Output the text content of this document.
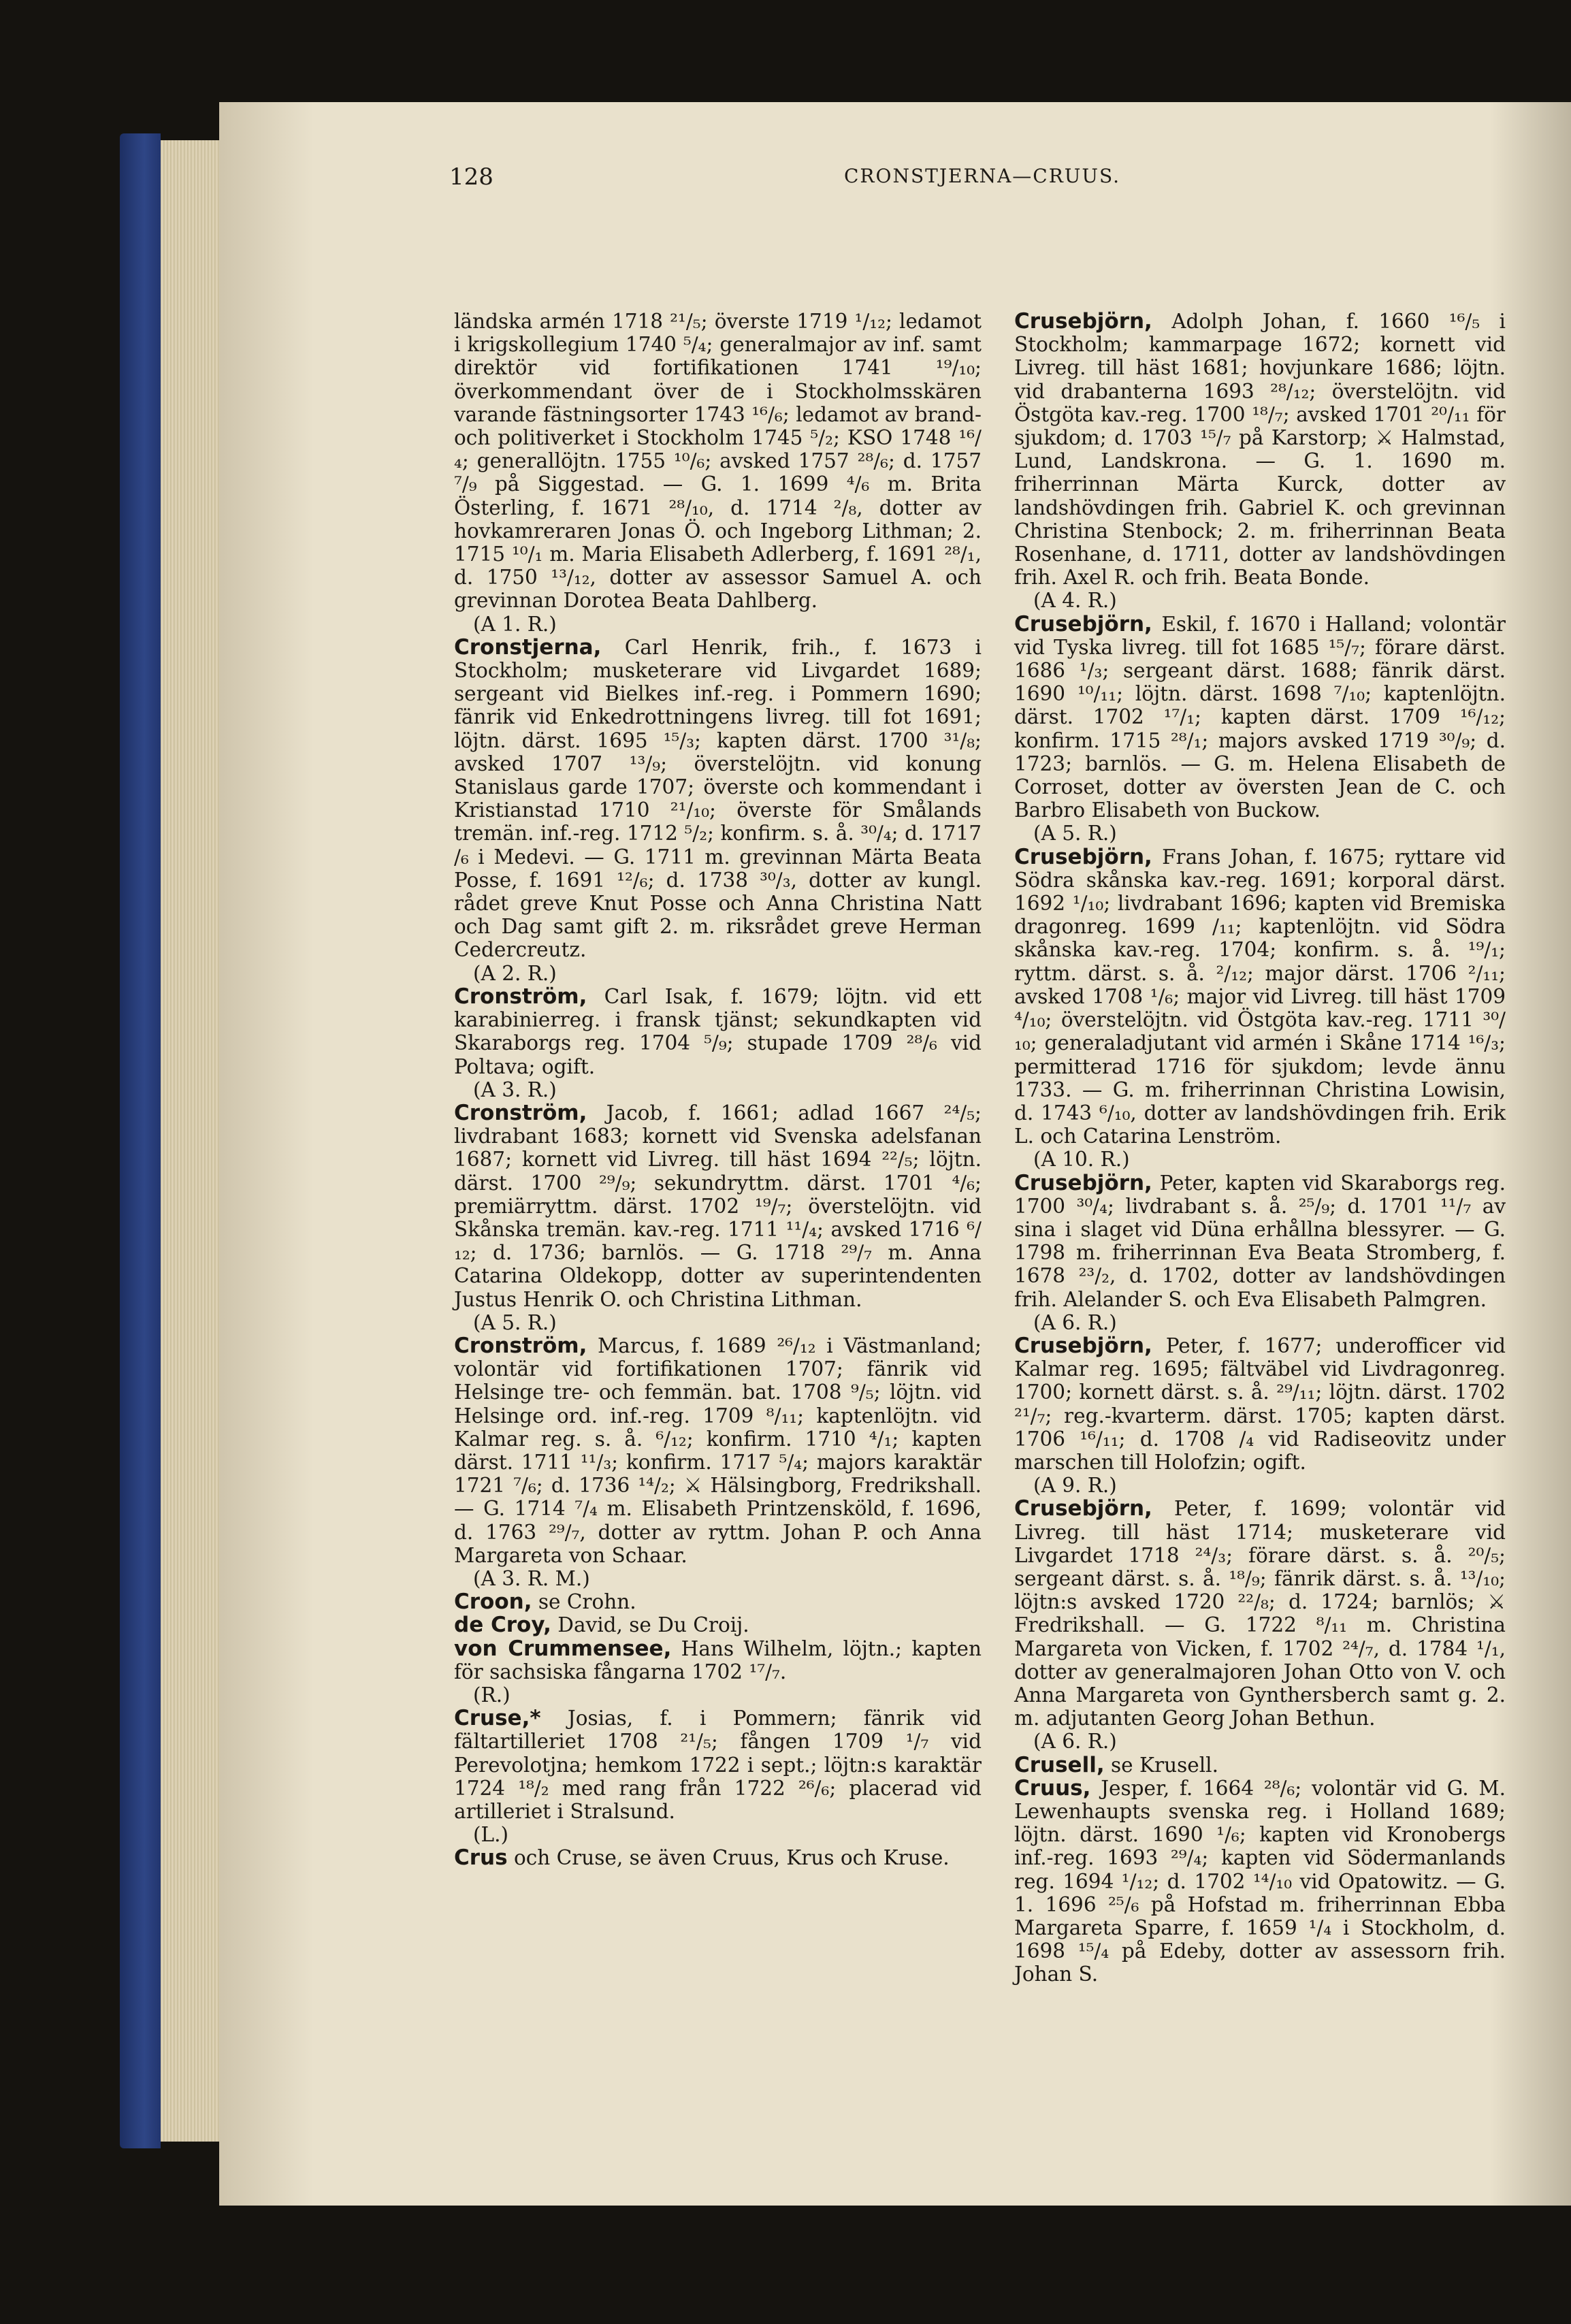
128	CRONSTJERNA—CRUUS.

ländska armén 1718 ²¹/₅; överste 1719 ¹/₁₂; ledamot i krigskollegium 1740 ⁵/₄; generalmajor av inf. samt direktör vid fortifikationen 1741 ¹⁹/₁₀; överkommendant över de i Stockholmsskären varande fästningsorter 1743 ¹⁶/₆; ledamot av brand- och politiverket i Stockholm 1745 ⁵/₂; KSO 1748 ¹⁶/₄; generallöjtn. 1755 ¹⁰/₆; avsked 1757 ²⁸/₆; d. 1757 ⁷/₉ på Siggestad. — G. 1. 1699 ⁴/₆ m. Brita Österling, f. 1671 ²⁸/₁₀, d. 1714 ²/₈, dotter av hovkamreraren Jonas Ö. och Ingeborg Lithman; 2. 1715 ¹⁰/₁ m. Maria Elisabeth Adlerberg, f. 1691 ²⁸/₁, d. 1750 ¹³/₁₂, dotter av assessor Samuel A. och grevinnan Dorotea Beata Dahlberg.

(A 1. R.)

Cronstjerna, Carl Henrik, frih., f. 1673 i Stockholm; musketerare vid Livgardet 1689; sergeant vid Bielkes inf.-reg. i Pommern 1690; fänrik vid Enkedrottningens livreg. till fot 1691; löjtn. därst. 1695 ¹⁵/₃; kapten därst. 1700 ³¹/₈; avsked 1707 ¹³/₉; överstelöjtn. vid konung Stanislaus garde 1707; överste och kommendant i Kristianstad 1710 ²¹/₁₀; överste för Smålands tremän. inf.-reg. 1712 ⁵/₂; konfirm. s. å. ³⁰/₄; d. 1717 /₆ i Medevi. — G. 1711 m. grevinnan Märta Beata Posse, f. 1691 ¹²/₆; d. 1738 ³⁰/₃, dotter av kungl. rådet greve Knut Posse och Anna Christina Natt och Dag samt gift 2. m. riksrådet greve Herman Cedercreutz.

(A 2. R.)

Cronström, Carl Isak, f. 1679; löjtn. vid ett karabinierreg. i fransk tjänst; sekundkapten vid Skaraborgs reg. 1704 ⁵/₉; stupade 1709 ²⁸/₆ vid Poltava; ogift.

(A 3. R.)

Cronström, Jacob, f. 1661; adlad 1667 ²⁴/₅; livdrabant 1683; kornett vid Svenska adelsfanan 1687; kornett vid Livreg. till häst 1694 ²²/₅; löjtn. därst. 1700 ²⁹/₉; sekundryttm. därst. 1701 ⁴/₆; premiärryttm. därst. 1702 ¹⁹/₇; överstelöjtn. vid Skånska tremän. kav.-reg. 1711 ¹¹/₄; avsked 1716 ⁶/₁₂; d. 1736; barnlös. — G. 1718 ²⁹/₇ m. Anna Catarina Oldekopp, dotter av superintendenten Justus Henrik O. och Christina Lithman.

(A 5. R.)

Cronström, Marcus, f. 1689 ²⁶/₁₂ i Västmanland; volontär vid fortifikationen 1707; fänrik vid Helsinge tre- och femmän. bat. 1708 ⁹/₅; löjtn. vid Helsinge ord. inf.-reg. 1709 ⁸/₁₁; kaptenlöjtn. vid Kalmar reg. s. å. ⁶/₁₂; konfirm. 1710 ⁴/₁; kapten därst. 1711 ¹¹/₃; konfirm. 1717 ⁵/₄; majors karaktär 1721 ⁷/₆; d. 1736 ¹⁴/₂; ⚔ Hälsingborg, Fredrikshall. — G. 1714 ⁷/₄ m. Elisabeth Printzensköld, f. 1696, d. 1763 ²⁹/₇, dotter av ryttm. Johan P. och Anna Margareta von Schaar.

(A 3. R. M.)

Croon, se Crohn.

de Croy, David, se Du Croij.

von Crummensee, Hans Wilhelm, löjtn.; kapten för sachsiska fångarna 1702 ¹⁷/₇.

(R.)

Cruse,* Josias, f. i Pommern; fänrik vid fältartilleriet 1708 ²¹/₅; fången 1709 ¹/₇ vid Perevolotjna; hemkom 1722 i sept.; löjtn:s karaktär 1724 ¹⁸/₂ med rang från 1722 ²⁶/₆; placerad vid artilleriet i Stralsund.

(L.)

Crus och Cruse, se även Cruus, Krus och Kruse.

Crusebjörn, Adolph Johan, f. 1660 ¹⁶/₅ i Stockholm; kammarpage 1672; kornett vid Livreg. till häst 1681; hovjunkare 1686; löjtn. vid drabanterna 1693 ²⁸/₁₂; överstelöjtn. vid Östgöta kav.-reg. 1700 ¹⁸/₇; avsked 1701 ²⁰/₁₁ för sjukdom; d. 1703 ¹⁵/₇ på Karstorp; ⚔ Halmstad, Lund, Landskrona. — G. 1. 1690 m. friherrinnan Märta Kurck, dotter av landshövdingen frih. Gabriel K. och grevinnan Christina Stenbock; 2. m. friherrinnan Beata Rosenhane, d. 1711, dotter av landshövdingen frih. Axel R. och frih. Beata Bonde.

(A 4. R.)

Crusebjörn, Eskil, f. 1670 i Halland; volontär vid Tyska livreg. till fot 1685 ¹⁵/₇; förare därst. 1686 ¹/₃; sergeant därst. 1688; fänrik därst. 1690 ¹⁰/₁₁; löjtn. därst. 1698 ⁷/₁₀; kaptenlöjtn. därst. 1702 ¹⁷/₁; kapten därst. 1709 ¹⁶/₁₂; konfirm. 1715 ²⁸/₁; majors avsked 1719 ³⁰/₉; d. 1723; barnlös. — G. m. Helena Elisabeth de Corroset, dotter av översten Jean de C. och Barbro Elisabeth von Buckow.

(A 5. R.)

Crusebjörn, Frans Johan, f. 1675; ryttare vid Södra skånska kav.-reg. 1691; korporal därst. 1692 ¹/₁₀; livdrabant 1696; kapten vid Bremiska dragonreg. 1699 /₁₁; kaptenlöjtn. vid Södra skånska kav.-reg. 1704; konfirm. s. å. ¹⁹/₁; ryttm. därst. s. å. ²/₁₂; major därst. 1706 ²/₁₁; avsked 1708 ¹/₆; major vid Livreg. till häst 1709 ⁴/₁₀; överstelöjtn. vid Östgöta kav.-reg. 1711 ³⁰/₁₀; generaladjutant vid armén i Skåne 1714 ¹⁶/₃; permitterad 1716 för sjukdom; levde ännu 1733. — G. m. friherrinnan Christina Lowisin, d. 1743 ⁶/₁₀, dotter av landshövdingen frih. Erik L. och Catarina Lenström.

(A 10. R.)

Crusebjörn, Peter, kapten vid Skaraborgs reg. 1700 ³⁰/₄; livdrabant s. å. ²⁵/₉; d. 1701 ¹¹/₇ av sina i slaget vid Düna erhållna blessyrer. — G. 1798 m. friherrinnan Eva Beata Stromberg, f. 1678 ²³/₂, d. 1702, dotter av landshövdingen frih. Alelander S. och Eva Elisabeth Palmgren.

(A 6. R.)

Crusebjörn, Peter, f. 1677; underofficer vid Kalmar reg. 1695; fältväbel vid Livdragonreg. 1700; kornett därst. s. å. ²⁹/₁₁; löjtn. därst. 1702 ²¹/₇; reg.-kvarterm. därst. 1705; kapten därst. 1706 ¹⁶/₁₁; d. 1708 /₄ vid Radiseovitz under marschen till Holofzin; ogift.

(A 9. R.)

Crusebjörn, Peter, f. 1699; volontär vid Livreg. till häst 1714; musketerare vid Livgardet 1718 ²⁴/₃; förare därst. s. å. ²⁰/₅; sergeant därst. s. å. ¹⁸/₉; fänrik därst. s. å. ¹³/₁₀; löjtn:s avsked 1720 ²²/₈; d. 1724; barnlös; ⚔ Fredrikshall. — G. 1722 ⁸/₁₁ m. Christina Margareta von Vicken, f. 1702 ²⁴/₇, d. 1784 ¹/₁, dotter av generalmajoren Johan Otto von V. och Anna Margareta von Gynthersberch samt g. 2. m. adjutanten Georg Johan Bethun.

(A 6. R.)

Crusell, se Krusell.

Cruus, Jesper, f. 1664 ²⁸/₆; volontär vid G. M. Lewenhaupts svenska reg. i Holland 1689; löjtn. därst. 1690 ¹/₆; kapten vid Kronobergs inf.-reg. 1693 ²⁹/₄; kapten vid Södermanlands reg. 1694 ¹/₁₂; d. 1702 ¹⁴/₁₀ vid Opatowitz. — G. 1. 1696 ²⁵/₆ på Hofstad m. friherrinnan Ebba Margareta Sparre, f. 1659 ¹/₄ i Stockholm, d. 1698 ¹⁵/₄ på Edeby, dotter av assessorn frih. Johan S.
